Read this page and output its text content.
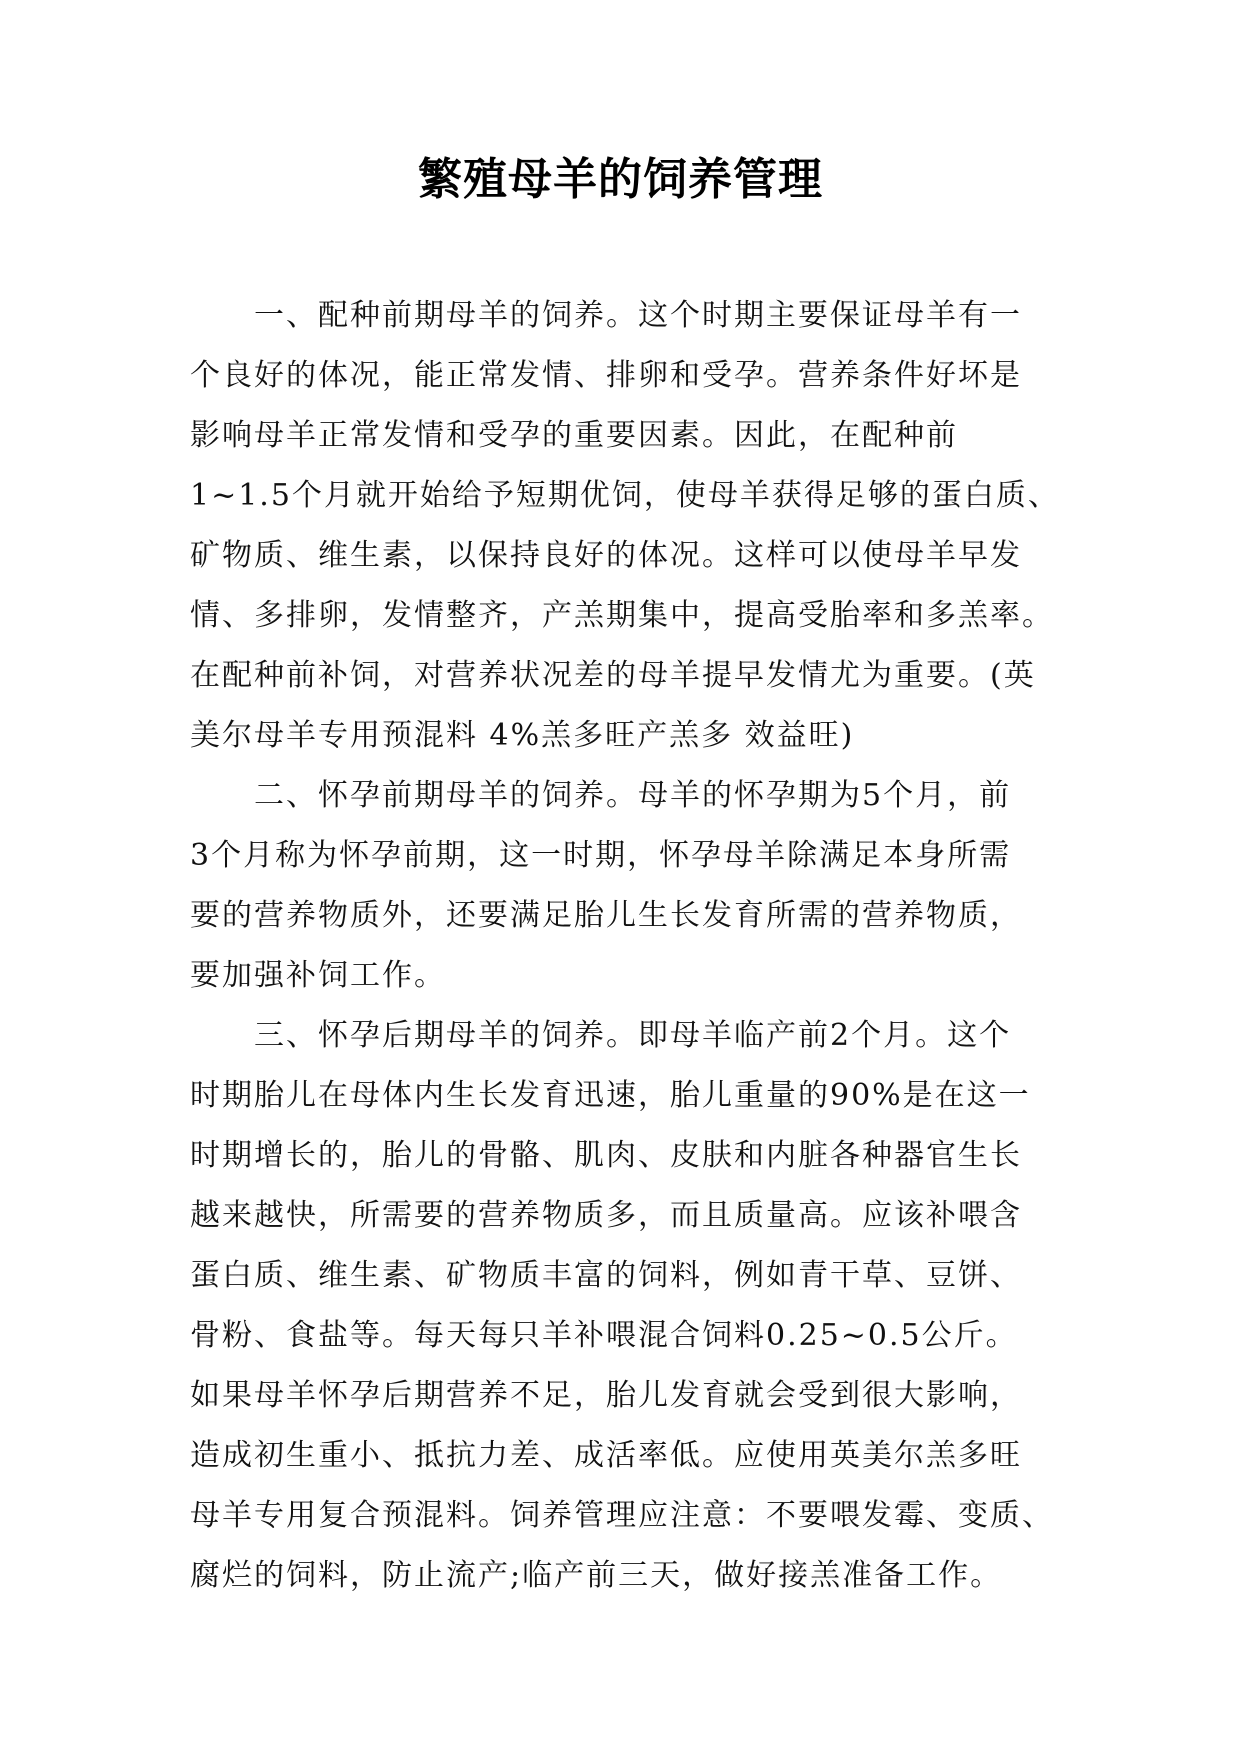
繁殖母羊的饲养管理
一、配种前期母羊的饲养。这个时期主要保证母羊有一
个良好的体况，能正常发情、排卵和受孕。营养条件好坏是
影响母羊正常发情和受孕的重要因素。因此，在配种前
1~1.5个月就开始给予短期优饲，使母羊获得足够的蛋白质、
矿物质、维生素，以保持良好的体况。这样可以使母羊早发
情、多排卵，发情整齐，产羔期集中，提高受胎率和多羔率。
在配种前补饲，对营养状况差的母羊提早发情尤为重要。(英
美尔母羊专用预混料 4%羔多旺产羔多 效益旺)
二、怀孕前期母羊的饲养。母羊的怀孕期为5个月，前
3个月称为怀孕前期，这一时期，怀孕母羊除满足本身所需
要的营养物质外，还要满足胎儿生长发育所需的营养物质，
要加强补饲工作。
三、怀孕后期母羊的饲养。即母羊临产前2个月。这个
时期胎儿在母体内生长发育迅速，胎儿重量的90%是在这一
时期增长的，胎儿的骨骼、肌肉、皮肤和内脏各种器官生长
越来越快，所需要的营养物质多，而且质量高。应该补喂含
蛋白质、维生素、矿物质丰富的饲料，例如青干草、豆饼、
骨粉、食盐等。每天每只羊补喂混合饲料0.25~0.5公斤。
如果母羊怀孕后期营养不足，胎儿发育就会受到很大影响，
造成初生重小、抵抗力差、成活率低。应使用英美尔羔多旺
母羊专用复合预混料。饲养管理应注意：不要喂发霉、变质、
腐烂的饲料，防止流产;临产前三天，做好接羔准备工作。
